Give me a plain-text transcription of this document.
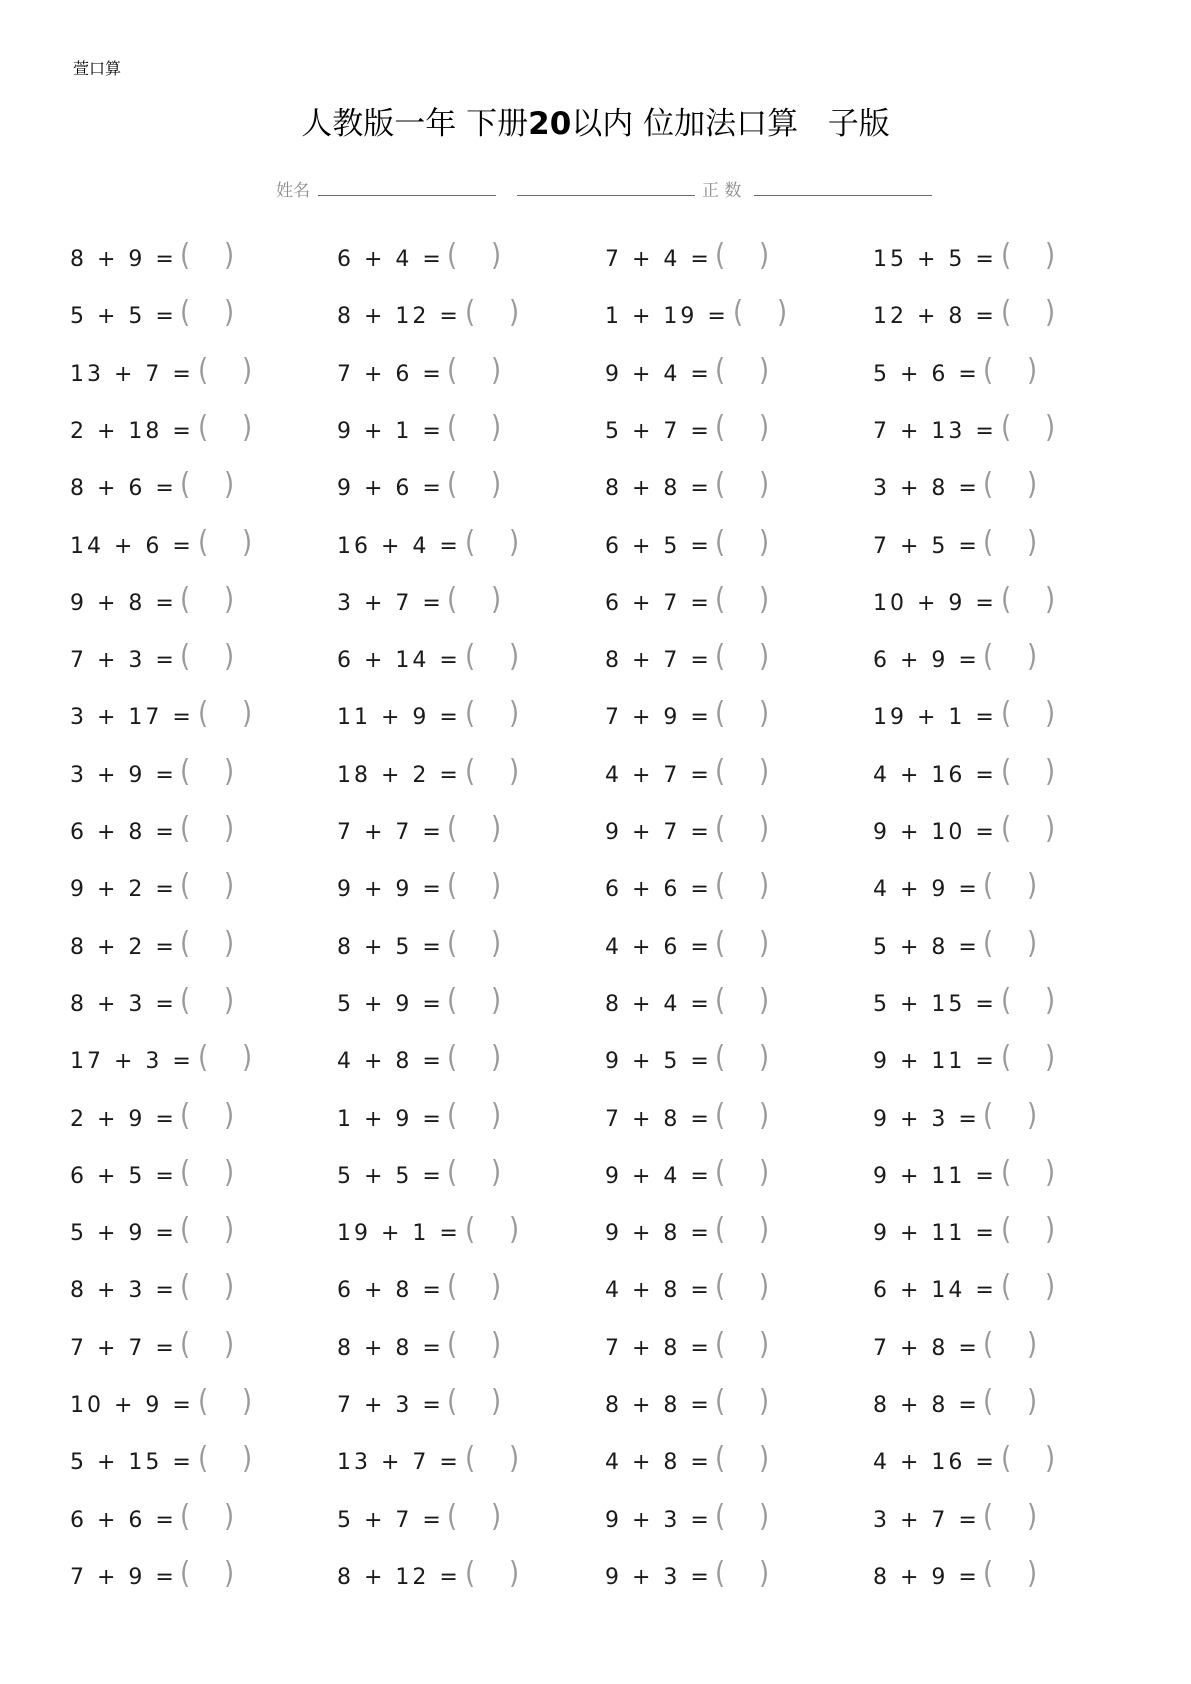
萱口算
人教版一年 下册20以内 位加法口算   子版
姓名	正 数
8 + 9 = ( )
5 + 5 = ( )
13 + 7 = ( )
2 + 18 = ( )
8 + 6 = ( )
14 + 6 = ( )
9 + 8 = ( )
7 + 3 = ( )
3 + 17 = ( )
3 + 9 = ( )
6 + 8 = ( )
9 + 2 = ( )
8 + 2 = ( )
8 + 3 = ( )
17 + 3 = ( )
2 + 9 = ( )
6 + 5 = ( )
5 + 9 = ( )
8 + 3 = ( )
7 + 7 = ( )
10 + 9 = ( )
5 + 15 = ( )
6 + 6 = ( )
7 + 9 = ( )
6 + 4 = ( )
8 + 12 = ( )
7 + 6 = ( )
9 + 1 = ( )
9 + 6 = ( )
16 + 4 = ( )
3 + 7 = ( )
6 + 14 = ( )
11 + 9 = ( )
18 + 2 = ( )
7 + 7 = ( )
9 + 9 = ( )
8 + 5 = ( )
5 + 9 = ( )
4 + 8 = ( )
1 + 9 = ( )
5 + 5 = ( )
19 + 1 = ( )
6 + 8 = ( )
8 + 8 = ( )
7 + 3 = ( )
13 + 7 = ( )
5 + 7 = ( )
8 + 12 = ( )
7 + 4 = ( )
1 + 19 = ( )
9 + 4 = ( )
5 + 7 = ( )
8 + 8 = ( )
6 + 5 = ( )
6 + 7 = ( )
8 + 7 = ( )
7 + 9 = ( )
4 + 7 = ( )
9 + 7 = ( )
6 + 6 = ( )
4 + 6 = ( )
8 + 4 = ( )
9 + 5 = ( )
7 + 8 = ( )
9 + 4 = ( )
9 + 8 = ( )
4 + 8 = ( )
7 + 8 = ( )
8 + 8 = ( )
4 + 8 = ( )
9 + 3 = ( )
9 + 3 = ( )
15 + 5 = ( )
12 + 8 = ( )
5 + 6 = ( )
7 + 13 = ( )
3 + 8 = ( )
7 + 5 = ( )
10 + 9 = ( )
6 + 9 = ( )
19 + 1 = ( )
4 + 16 = ( )
9 + 10 = ( )
4 + 9 = ( )
5 + 8 = ( )
5 + 15 = ( )
9 + 11 = ( )
9 + 3 = ( )
9 + 11 = ( )
9 + 11 = ( )
6 + 14 = ( )
7 + 8 = ( )
8 + 8 = ( )
4 + 16 = ( )
3 + 7 = ( )
8 + 9 = ( )
